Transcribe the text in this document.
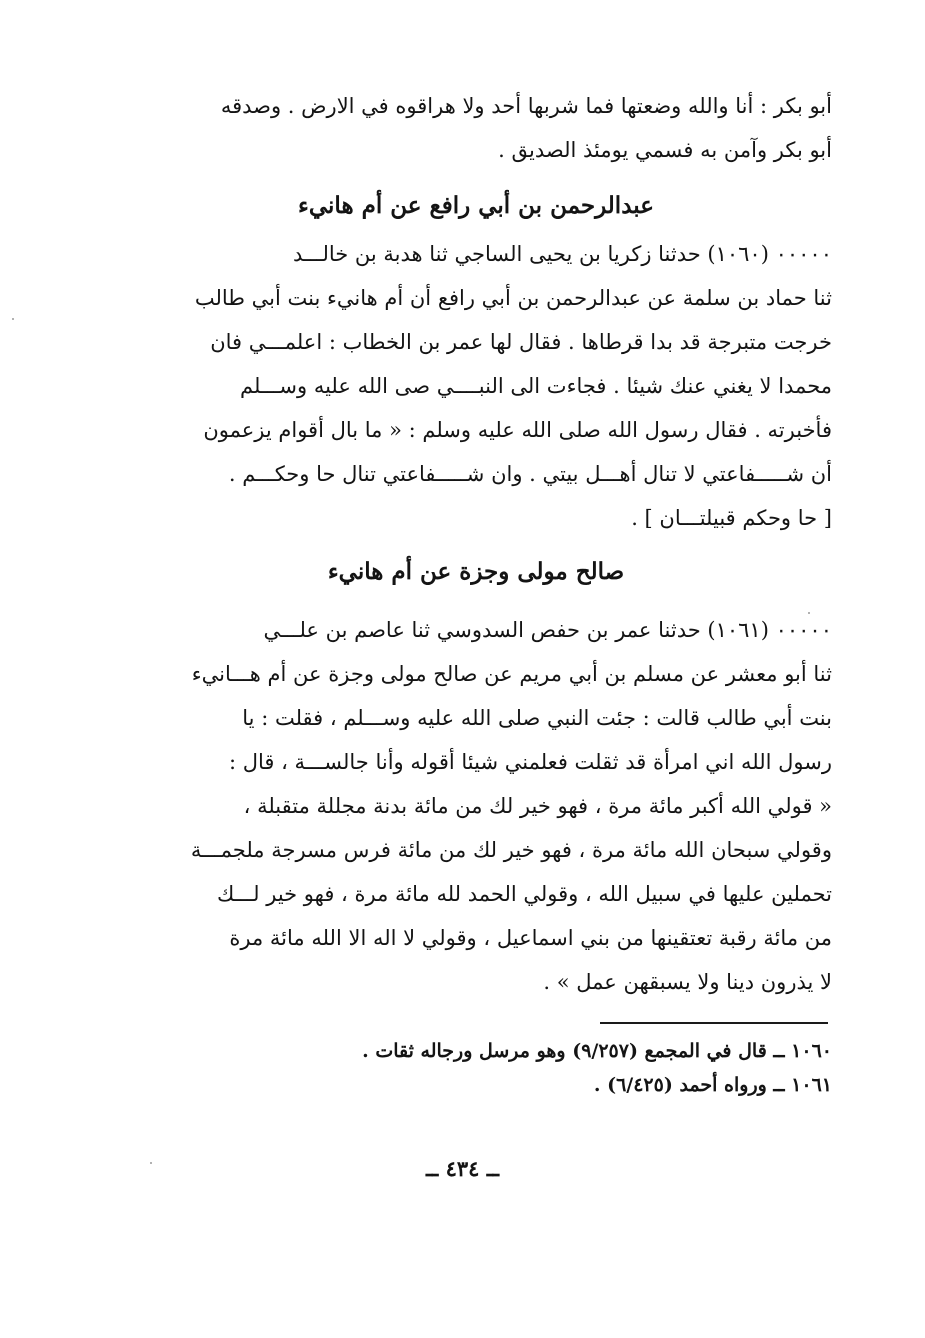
أبو بكر : أنا والله وضعتها فما شربها أحد ولا هراقوه في الارض . وصدقه
أبو بكر وآمن به فسمي يومئذ الصديق .
عبدالرحمن بن أبي رافع عن أم هانيء
٠٠٠٠٠ (١٠٦٠) حدثنا زكريا بن يحيى الساجي ثنا هدبة بن خالـــد
ثنا حماد بن سلمة عن عبدالرحمن بن أبي رافع أن أم هانيء بنت أبي طالب
خرجت متبرجة قد بدا قرطاها . فقال لها عمر بن الخطاب : اعلمـــي فان
محمدا لا يغني عنك شيئا . فجاءت الى النبــــي صى الله عليه وســـلم
فأخبرته . فقال رسول الله صلى الله عليه وسلم : « ما بال أقوام يزعمون
أن شـــــفاعتي لا تنال أهـــل بيتي . وان شـــــفاعتي تنال حا وحكـــم .
[ حا وحكم قبيلتـــان ] .
صالح مولى وجزة عن أم هانيء
٠٠٠٠٠ (١٠٦١) حدثنا عمر بن حفص السدوسي ثنا عاصم بن علـــي
ثنا أبو معشر عن مسلم بن أبي مريم عن صالح مولى وجزة عن أم هـــانيء
بنت أبي طالب قالت : جئت النبي صلى الله عليه وســـلم ، فقلت : يا
رسول الله اني امرأة قد ثقلت فعلمني شيئا أقوله وأنا جالســـة ، قال :
« قولي الله أكبر مائة مرة ، فهو خير لك من مائة بدنة مجللة متقبلة ،
وقولي سبحان الله مائة مرة ، فهو خير لك من مائة فرس مسرجة ملجمـــة
تحملين عليها في سبيل الله ، وقولي الحمد لله مائة مرة ، فهو خير لـــك
من مائة رقبة تعتقينها من بني اسماعيل ، وقولي لا اله الا الله مائة مرة
لا يذرون دينا ولا يسبقهن عمل » .
١٠٦٠ ــ قال في المجمع (٩/٢٥٧) وهو مرسل ورجاله ثقات .
١٠٦١ ــ ورواه أحمد (٦/٤٢٥) .
ــ ٤٣٤ ــ
